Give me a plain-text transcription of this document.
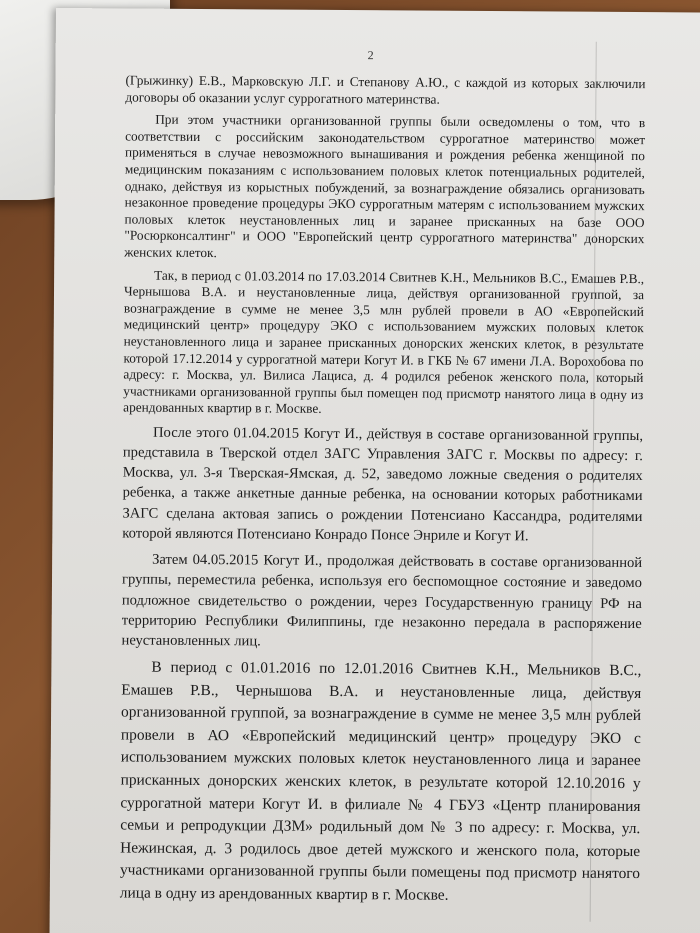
2

(Грыжинку) Е.В., Марковскую Л.Г. и Степанову А.Ю., с каждой из которых заключили договоры об оказании услуг суррогатного материнства.

При этом участники организованной группы были осведомлены о том, что в соответствии с российским законодательством суррогатное материнство может применяться в случае невозможного вынашивания и рождения ребенка женщиной по медицинским показаниям с использованием половых клеток потенциальных родителей, однако, действуя из корыстных побуждений, за вознаграждение обязались организовать незаконное проведение процедуры ЭКО суррогатным матерям с использованием мужских половых клеток неустановленных лиц и заранее присканных на базе ООО "Росюрконсалтинг" и ООО "Европейский центр суррогатного материнства" донорских женских клеток.

Так, в период с 01.03.2014 по 17.03.2014 Свитнев К.Н., Мельников В.С., Емашев Р.В., Чернышова В.А. и неустановленные лица, действуя организованной группой, за вознаграждение в сумме не менее 3,5 млн рублей провели в АО «Европейский медицинский центр» процедуру ЭКО с использованием мужских половых клеток неустановленного лица и заранее присканных донорских женских клеток, в результате которой 17.12.2014 у суррогатной матери Когут И. в ГКБ № 67 имени Л.А. Ворохобова по адресу: г. Москва, ул. Вилиса Лациса, д. 4 родился ребенок женского пола, который участниками организованной группы был помещен под присмотр нанятого лица в одну из арендованных квартир в г. Москве.

После этого 01.04.2015 Когут И., действуя в составе организованной группы, представила в Тверской отдел ЗАГС Управления ЗАГС г. Москвы по адресу: г. Москва, ул. 3-я Тверская-Ямская, д. 52, заведомо ложные сведения о родителях ребенка, а также анкетные данные ребенка, на основании которых работниками ЗАГС сделана актовая запись о рождении Потенсиано Кассандра, родителями которой являются Потенсиано Конрадо Понсе Энриле и Когут И.

Затем 04.05.2015 Когут И., продолжая действовать в составе организованной группы, переместила ребенка, используя его беспомощное состояние и заведомо подложное свидетельство о рождении, через Государственную границу РФ на территорию Республики Филиппины, где незаконно передала в распоряжение неустановленных лиц.

В период с 01.01.2016 по 12.01.2016 Свитнев К.Н., Мельников В.С., Емашев Р.В., Чернышова В.А. и неустановленные лица, действуя организованной группой, за вознаграждение в сумме не менее 3,5 млн рублей провели в АО «Европейский медицинский центр» процедуру ЭКО с использованием мужских половых клеток неустановленного лица и заранее присканных донорских женских клеток, в результате которой 12.10.2016 у суррогатной матери Когут И. в филиале № 4 ГБУЗ «Центр планирования семьи и репродукции ДЗМ» родильный дом № 3 по адресу: г. Москва, ул. Нежинская, д. 3 родилось двое детей мужского и женского пола, которые участниками организованной группы были помещены под присмотр нанятого лица в одну из арендованных квартир в г. Москве.
